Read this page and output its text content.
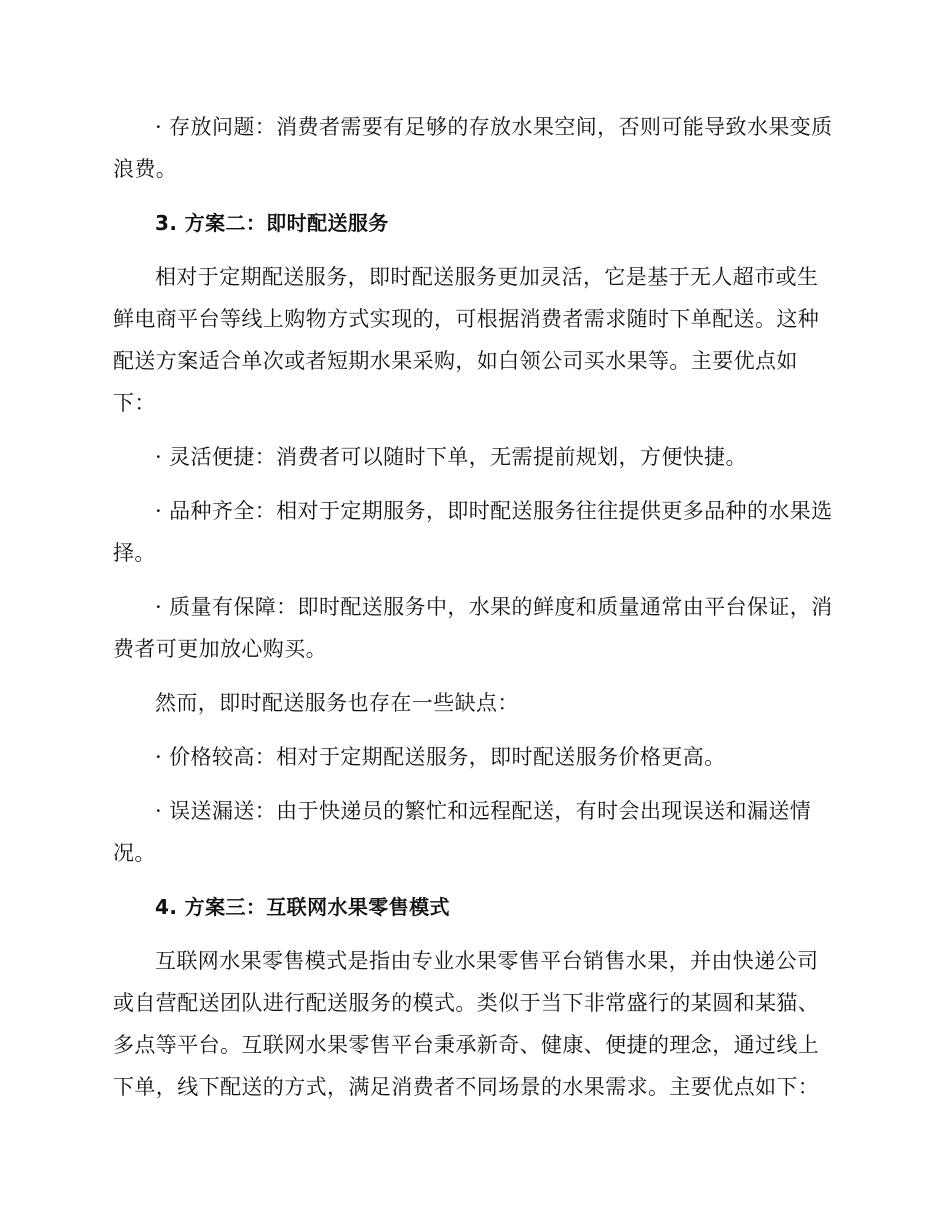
· 存放问题：消费者需要有足够的存放水果空间，否则可能导致水果变质浪费。

3. 方案二：即时配送服务

相对于定期配送服务，即时配送服务更加灵活，它是基于无人超市或生鲜电商平台等线上购物方式实现的，可根据消费者需求随时下单配送。这种配送方案适合单次或者短期水果采购，如白领公司买水果等。主要优点如下：

· 灵活便捷：消费者可以随时下单，无需提前规划，方便快捷。

· 品种齐全：相对于定期服务，即时配送服务往往提供更多品种的水果选择。

· 质量有保障：即时配送服务中，水果的鲜度和质量通常由平台保证，消费者可更加放心购买。

然而，即时配送服务也存在一些缺点：

· 价格较高：相对于定期配送服务，即时配送服务价格更高。

· 误送漏送：由于快递员的繁忙和远程配送，有时会出现误送和漏送情况。

4. 方案三：互联网水果零售模式

互联网水果零售模式是指由专业水果零售平台销售水果，并由快递公司或自营配送团队进行配送服务的模式。类似于当下非常盛行的某圆和某猫、多点等平台。互联网水果零售平台秉承新奇、健康、便捷的理念，通过线上下单，线下配送的方式，满足消费者不同场景的水果需求。主要优点如下：
